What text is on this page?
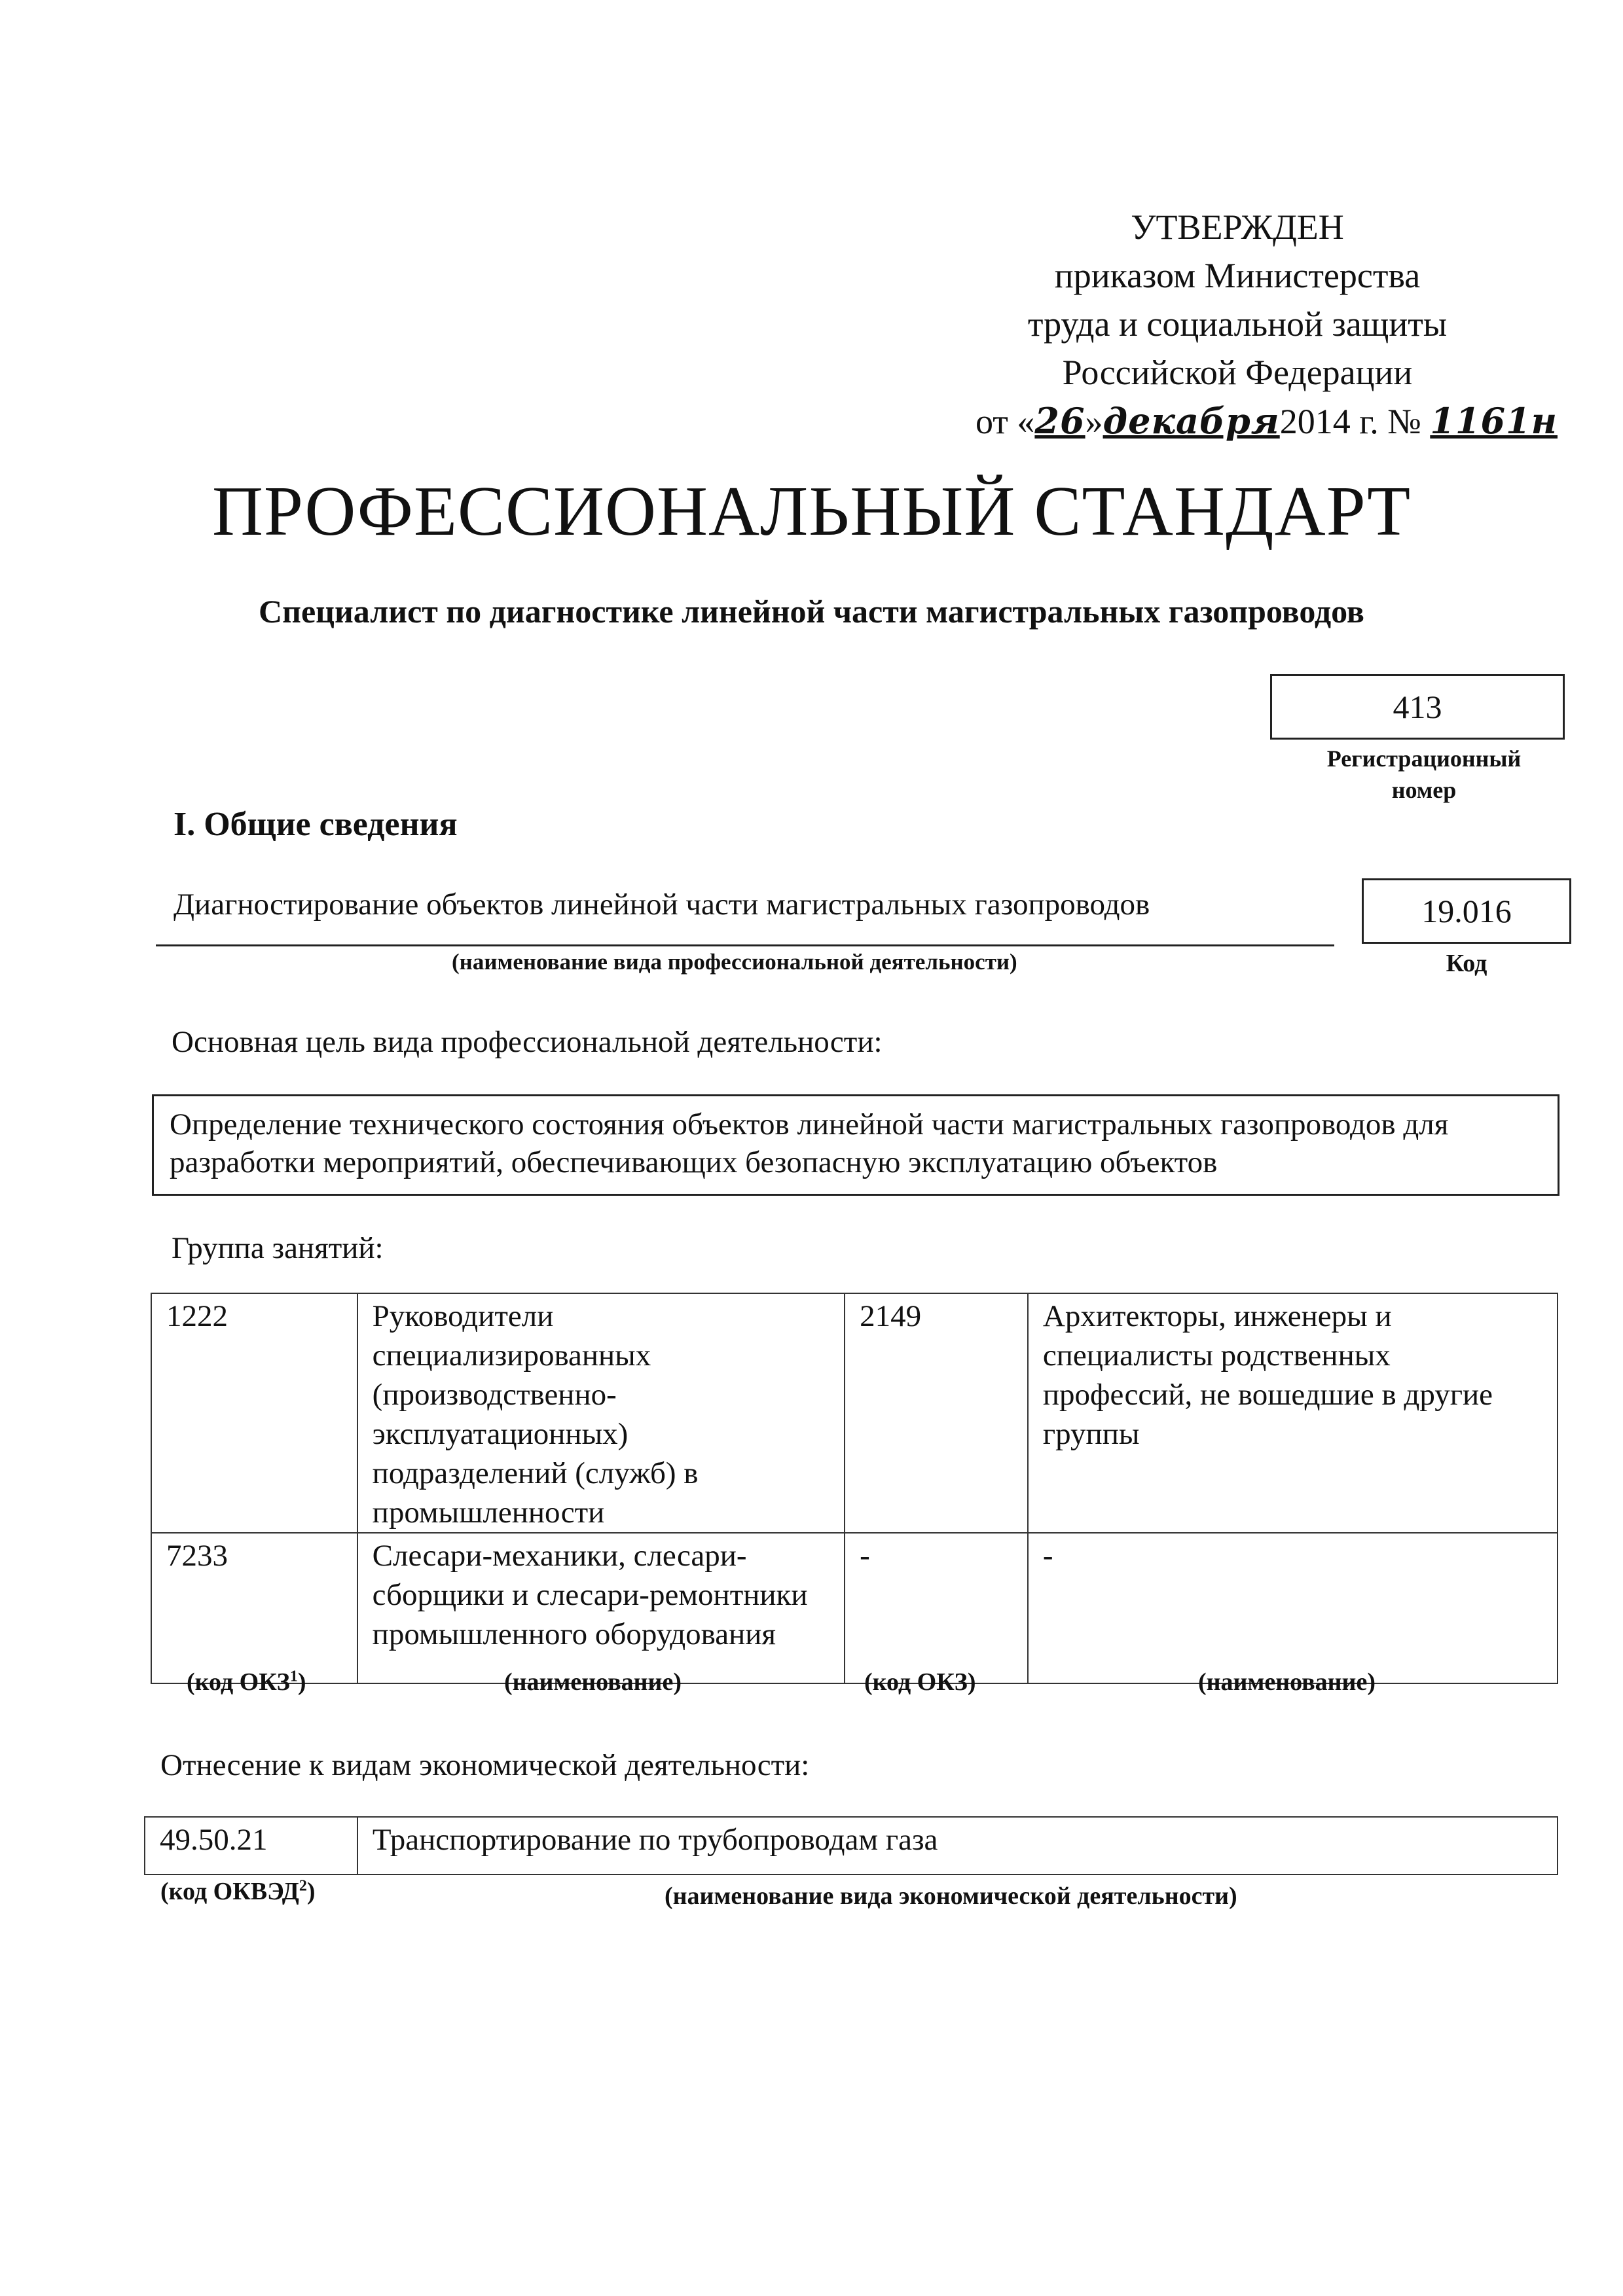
УТВЕРЖДЕН
приказом Министерства
труда и социальной защиты
Российской Федерации
от «26»декабря2014 г. № 1161н
ПРОФЕССИОНАЛЬНЫЙ СТАНДАРТ
Специалист по диагностике линейной части магистральных газопроводов
413
Регистрационный
номер
I. Общие сведения
Диагностирование объектов линейной части магистральных газопроводов
(наименование вида профессиональной деятельности)
19.016
Код
Основная цель вида профессиональной деятельности:
Определение технического состояния объектов линейной части магистральных газопроводов для разработки мероприятий, обеспечивающих безопасную эксплуатацию объектов
Группа занятий:
1222	Руководители специализированных (производственно-эксплуатационных) подразделений (служб) в промышленности	2149	Архитекторы, инженеры и специалисты родственных профессий, не вошедшие в другие группы
7233	Слесари-механики, слесари-сборщики и слесари-ремонтники промышленного оборудования	-	-
(код ОКЗ$^1$)	(наименование)	(код ОКЗ)	(наименование)
Отнесение к видам экономической деятельности:
49.50.21	Транспортирование по трубопроводам газа
(код ОКВЭД$^2$)	(наименование вида экономической деятельности)
